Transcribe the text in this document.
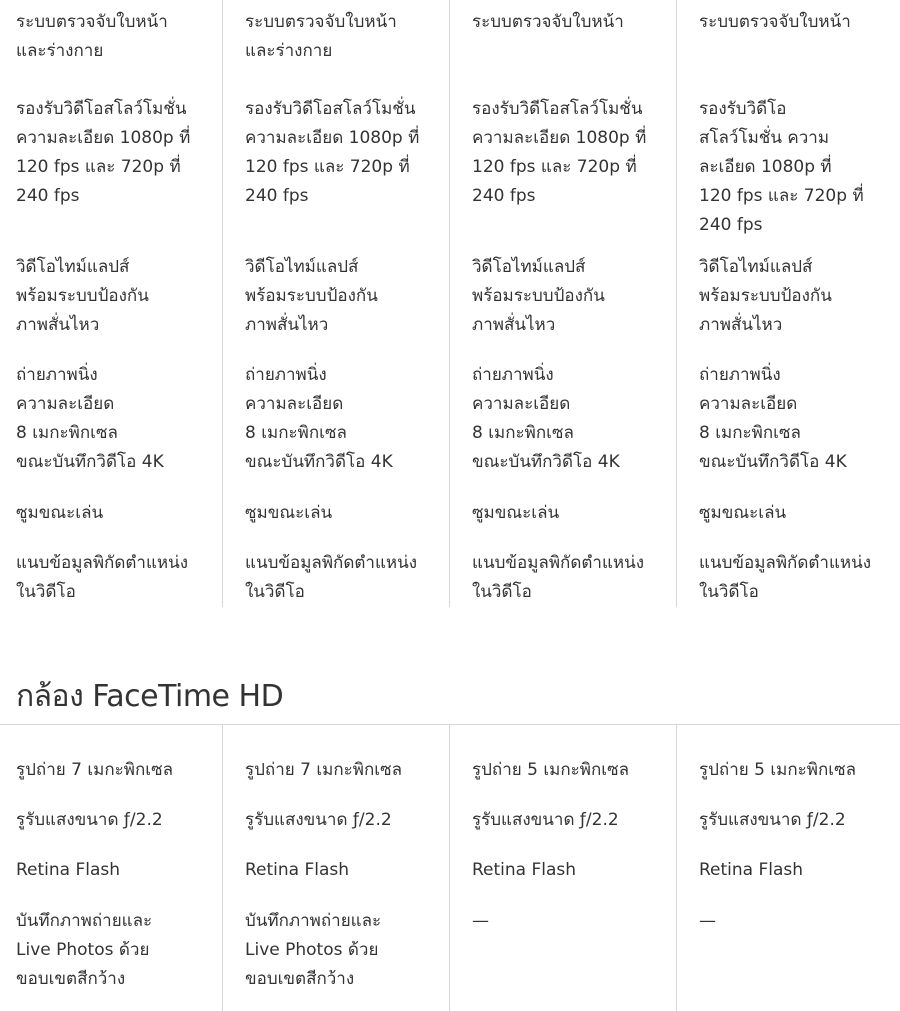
ระบบตรวจจับใบหน้า
และร่างกาย
รองรับวิดีโอสโลว์โมชั่น
ความละเอียด 1080p ที่
120 fps และ 720p ที่
240 fps
วิดีโอไทม์แลปส์
พร้อมระบบป้องกัน
ภาพสั่นไหว
ถ่ายภาพนิ่ง
ความละเอียด
8 เมกะพิกเซล
ขณะบันทึกวิดีโอ 4K
ซูมขณะเล่น
แนบข้อมูลพิกัดตำแหน่ง
ในวิดีโอ
ระบบตรวจจับใบหน้า
และร่างกาย
รองรับวิดีโอสโลว์โมชั่น
ความละเอียด 1080p ที่
120 fps และ 720p ที่
240 fps
วิดีโอไทม์แลปส์
พร้อมระบบป้องกัน
ภาพสั่นไหว
ถ่ายภาพนิ่ง
ความละเอียด
8 เมกะพิกเซล
ขณะบันทึกวิดีโอ 4K
ซูมขณะเล่น
แนบข้อมูลพิกัดตำแหน่ง
ในวิดีโอ
ระบบตรวจจับใบหน้า
รองรับวิดีโอสโลว์โมชั่น
ความละเอียด 1080p ที่
120 fps และ 720p ที่
240 fps
วิดีโอไทม์แลปส์
พร้อมระบบป้องกัน
ภาพสั่นไหว
ถ่ายภาพนิ่ง
ความละเอียด
8 เมกะพิกเซล
ขณะบันทึกวิดีโอ 4K
ซูมขณะเล่น
แนบข้อมูลพิกัดตำแหน่ง
ในวิดีโอ
ระบบตรวจจับใบหน้า
รองรับวิดีโอ
สโลว์โมชั่น ความ
ละเอียด 1080p ที่
120 fps และ 720p ที่
240 fps
วิดีโอไทม์แลปส์
พร้อมระบบป้องกัน
ภาพสั่นไหว
ถ่ายภาพนิ่ง
ความละเอียด
8 เมกะพิกเซล
ขณะบันทึกวิดีโอ 4K
ซูมขณะเล่น
แนบข้อมูลพิกัดตำแหน่ง
ในวิดีโอ
กล้อง FaceTime HD
รูปถ่าย 7 เมกะพิกเซล
รูรับแสงขนาด ƒ/2.2
Retina Flash
บันทึกภาพถ่ายและ
Live Photos ด้วย
ขอบเขตสีกว้าง
รูปถ่าย 7 เมกะพิกเซล
รูรับแสงขนาด ƒ/2.2
Retina Flash
บันทึกภาพถ่ายและ
Live Photos ด้วย
ขอบเขตสีกว้าง
รูปถ่าย 5 เมกะพิกเซล
รูรับแสงขนาด ƒ/2.2
Retina Flash
—
รูปถ่าย 5 เมกะพิกเซล
รูรับแสงขนาด ƒ/2.2
Retina Flash
—
